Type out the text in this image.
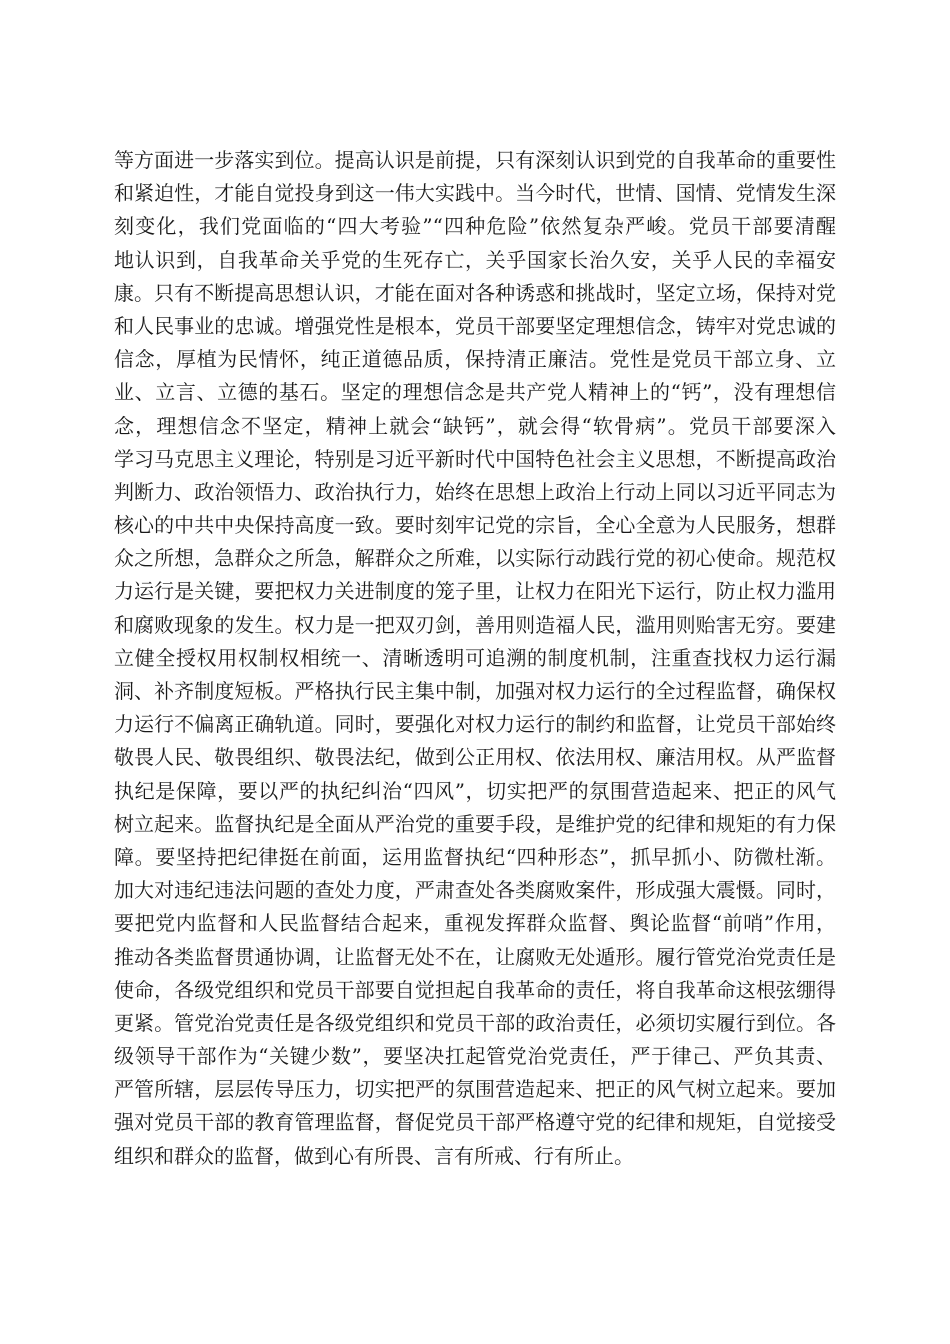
等方面进一步落实到位。提高认识是前提，只有深刻认识到党的自我革命的重要性
和紧迫性，才能自觉投身到这一伟大实践中。当今时代，世情、国情、党情发生深
刻变化，我们党面临的“四大考验”“四种危险”依然复杂严峻。党员干部要清醒
地认识到，自我革命关乎党的生死存亡，关乎国家长治久安，关乎人民的幸福安
康。只有不断提高思想认识，才能在面对各种诱惑和挑战时，坚定立场，保持对党
和人民事业的忠诚。增强党性是根本，党员干部要坚定理想信念，铸牢对党忠诚的
信念，厚植为民情怀，纯正道德品质，保持清正廉洁。党性是党员干部立身、立
业、立言、立德的基石。坚定的理想信念是共产党人精神上的“钙”，没有理想信
念，理想信念不坚定，精神上就会“缺钙”，就会得“软骨病”。党员干部要深入
学习马克思主义理论，特别是习近平新时代中国特色社会主义思想，不断提高政治
判断力、政治领悟力、政治执行力，始终在思想上政治上行动上同以习近平同志为
核心的中共中央保持高度一致。要时刻牢记党的宗旨，全心全意为人民服务，想群
众之所想，急群众之所急，解群众之所难，以实际行动践行党的初心使命。规范权
力运行是关键，要把权力关进制度的笼子里，让权力在阳光下运行，防止权力滥用
和腐败现象的发生。权力是一把双刃剑，善用则造福人民，滥用则贻害无穷。要建
立健全授权用权制权相统一、清晰透明可追溯的制度机制，注重查找权力运行漏
洞、补齐制度短板。严格执行民主集中制，加强对权力运行的全过程监督，确保权
力运行不偏离正确轨道。同时，要强化对权力运行的制约和监督，让党员干部始终
敬畏人民、敬畏组织、敬畏法纪，做到公正用权、依法用权、廉洁用权。从严监督
执纪是保障，要以严的执纪纠治“四风”，切实把严的氛围营造起来、把正的风气
树立起来。监督执纪是全面从严治党的重要手段，是维护党的纪律和规矩的有力保
障。要坚持把纪律挺在前面，运用监督执纪“四种形态”，抓早抓小、防微杜渐。
加大对违纪违法问题的查处力度，严肃查处各类腐败案件，形成强大震慑。同时，
要把党内监督和人民监督结合起来，重视发挥群众监督、舆论监督“前哨”作用，
推动各类监督贯通协调，让监督无处不在，让腐败无处遁形。履行管党治党责任是
使命，各级党组织和党员干部要自觉担起自我革命的责任，将自我革命这根弦绷得
更紧。管党治党责任是各级党组织和党员干部的政治责任，必须切实履行到位。各
级领导干部作为“关键少数”，要坚决扛起管党治党责任，严于律己、严负其责、
严管所辖，层层传导压力，切实把严的氛围营造起来、把正的风气树立起来。要加
强对党员干部的教育管理监督，督促党员干部严格遵守党的纪律和规矩，自觉接受
组织和群众的监督，做到心有所畏、言有所戒、行有所止。
